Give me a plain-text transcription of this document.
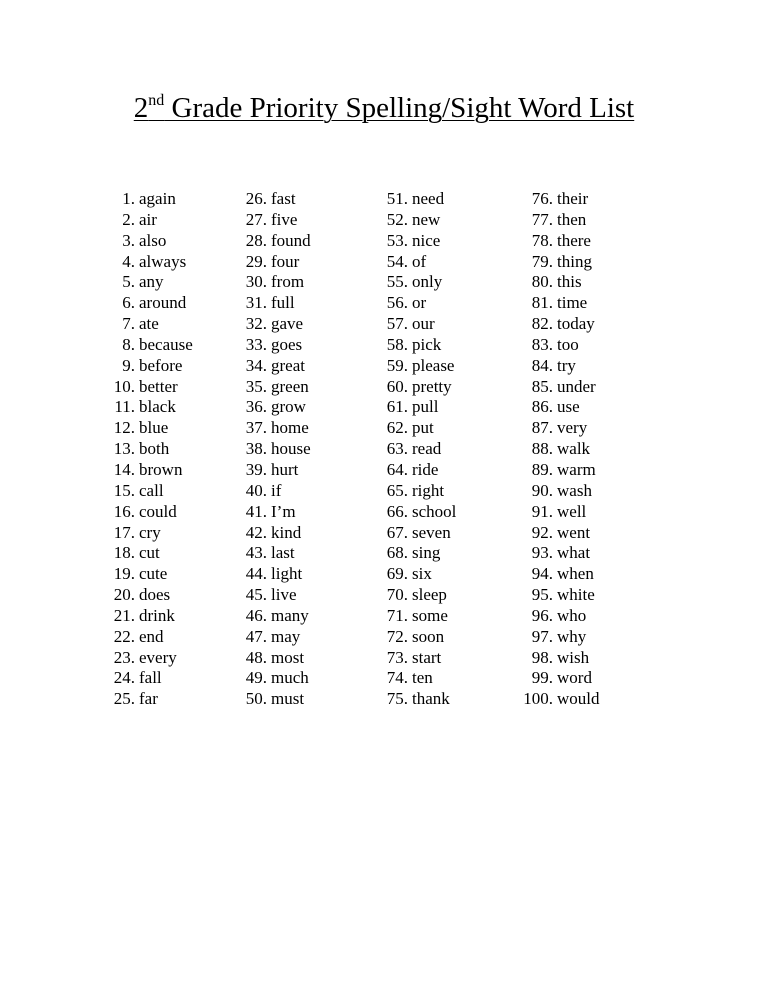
2nd Grade Priority Spelling/Sight Word List
1. again
2. air
3. also
4. always
5. any
6. around
7. ate
8. because
9. before
10. better
11. black
12. blue
13. both
14. brown
15. call
16. could
17. cry
18. cut
19. cute
20. does
21. drink
22. end
23. every
24. fall
25. far
26. fast
27. five
28. found
29. four
30. from
31. full
32. gave
33. goes
34. great
35. green
36. grow
37. home
38. house
39. hurt
40. if
41. I’m
42. kind
43. last
44. light
45. live
46. many
47. may
48. most
49. much
50. must
51. need
52. new
53. nice
54. of
55. only
56. or
57. our
58. pick
59. please
60. pretty
61. pull
62. put
63. read
64. ride
65. right
66. school
67. seven
68. sing
69. six
70. sleep
71. some
72. soon
73. start
74. ten
75. thank
76. their
77. then
78. there
79. thing
80. this
81. time
82. today
83. too
84. try
85. under
86. use
87. very
88. walk
89. warm
90. wash
91. well
92. went
93. what
94. when
95. white
96. who
97. why
98. wish
99. word
100. would
